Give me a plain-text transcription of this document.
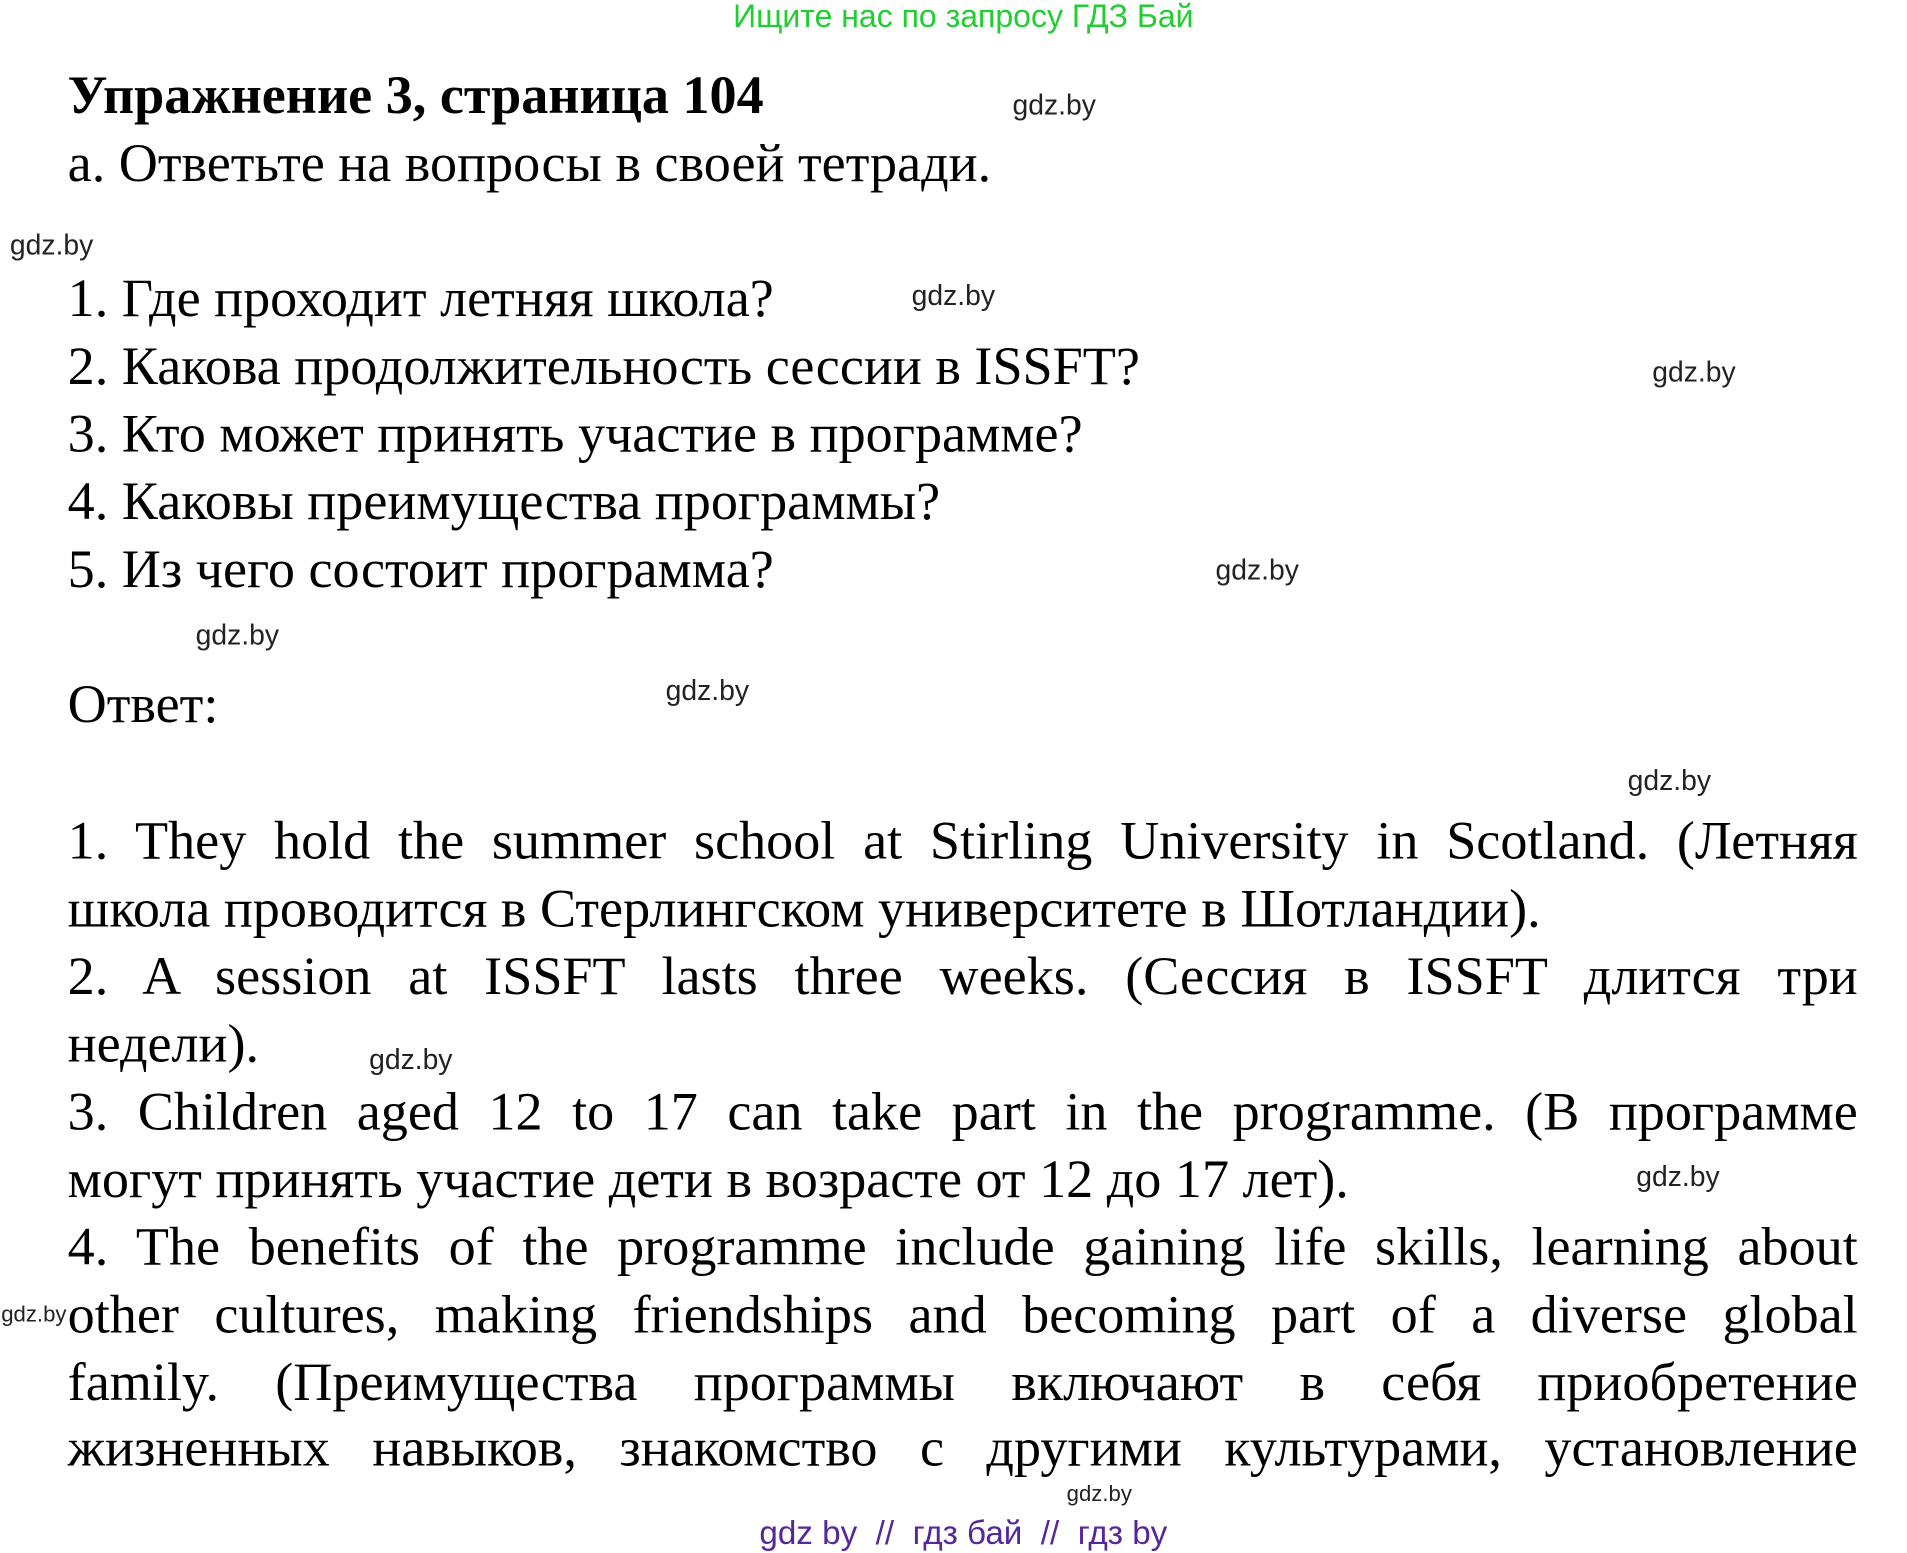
Ищите нас по запросу ГДЗ Бай
Упражнение 3, страница 104
а. Ответьте на вопросы в своей тетради.
1. Где проходит летняя школа?
2. Какова продолжительность сессии в ISSFT?
3. Кто может принять участие в программе?
4. Каковы преимущества программы?
5. Из чего состоит программа?
Ответ:
1. They hold the summer school at Stirling University in Scotland. (Летняя
школа проводится в Стерлингском университете в Шотландии).
2. A session at ISSFT lasts three weeks. (Сессия в ISSFT длится три
недели).
3. Children aged 12 to 17 can take part in the programme. (В программе
могут принять участие дети в возрасте от 12 до 17 лет).
4. The benefits of the programme include gaining life skills, learning about
other cultures, making friendships and becoming part of a diverse global
family. (Преимущества программы включают в себя приобретение
жизненных навыков, знакомство с другими культурами, установление
gdz.by
gdz.by
gdz.by
gdz.by
gdz.by
gdz.by
gdz.by
gdz.by
gdz.by
gdz.by
gdz.by
gdz.by
gdz by  //  гдз бай  //  гдз by
